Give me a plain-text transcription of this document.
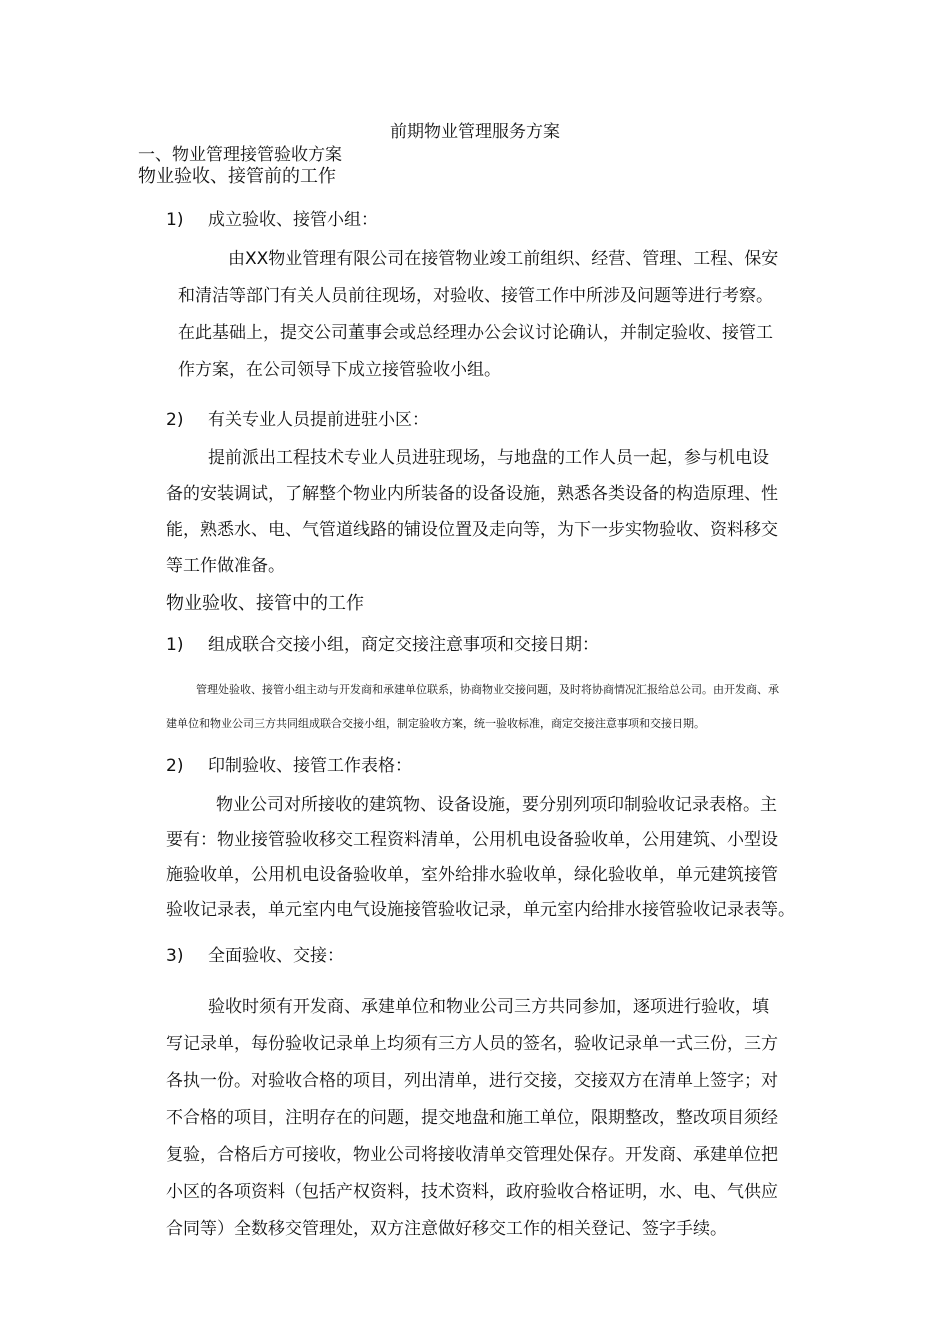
前期物业管理服务方案
一、物业管理接管验收方案
物业验收、接管前的工作
1) 成立验收、接管小组：
由XX物业管理有限公司在接管物业竣工前组织、经营、管理、工程、保安
和清洁等部门有关人员前往现场，对验收、接管工作中所涉及问题等进行考察。
在此基础上，提交公司董事会或总经理办公会议讨论确认，并制定验收、接管工
作方案，在公司领导下成立接管验收小组。
2) 有关专业人员提前进驻小区：
提前派出工程技术专业人员进驻现场，与地盘的工作人员一起，参与机电设
备的安装调试，了解整个物业内所装备的设备设施，熟悉各类设备的构造原理、性
能，熟悉水、电、气管道线路的铺设位置及走向等，为下一步实物验收、资料移交
等工作做准备。
物业验收、接管中的工作
1) 组成联合交接小组，商定交接注意事项和交接日期：
管理处验收、接管小组主动与开发商和承建单位联系，协商物业交接问题，及时将协商情况汇报给总公司。由开发商、承
建单位和物业公司三方共同组成联合交接小组，制定验收方案，统一验收标准，商定交接注意事项和交接日期。
2) 印制验收、接管工作表格：
物业公司对所接收的建筑物、设备设施，要分别列项印制验收记录表格。主
要有：物业接管验收移交工程资料清单，公用机电设备验收单，公用建筑、小型设
施验收单，公用机电设备验收单，室外给排水验收单，绿化验收单，单元建筑接管
验收记录表，单元室内电气设施接管验收记录，单元室内给排水接管验收记录表等。
3) 全面验收、交接：
验收时须有开发商、承建单位和物业公司三方共同参加，逐项进行验收，填
写记录单，每份验收记录单上均须有三方人员的签名，验收记录单一式三份，三方
各执一份。对验收合格的项目，列出清单，进行交接，交接双方在清单上签字；对
不合格的项目，注明存在的问题，提交地盘和施工单位，限期整改，整改项目须经
复验，合格后方可接收，物业公司将接收清单交管理处保存。开发商、承建单位把
小区的各项资料（包括产权资料，技术资料，政府验收合格证明，水、电、气供应
合同等）全数移交管理处，双方注意做好移交工作的相关登记、签字手续。
